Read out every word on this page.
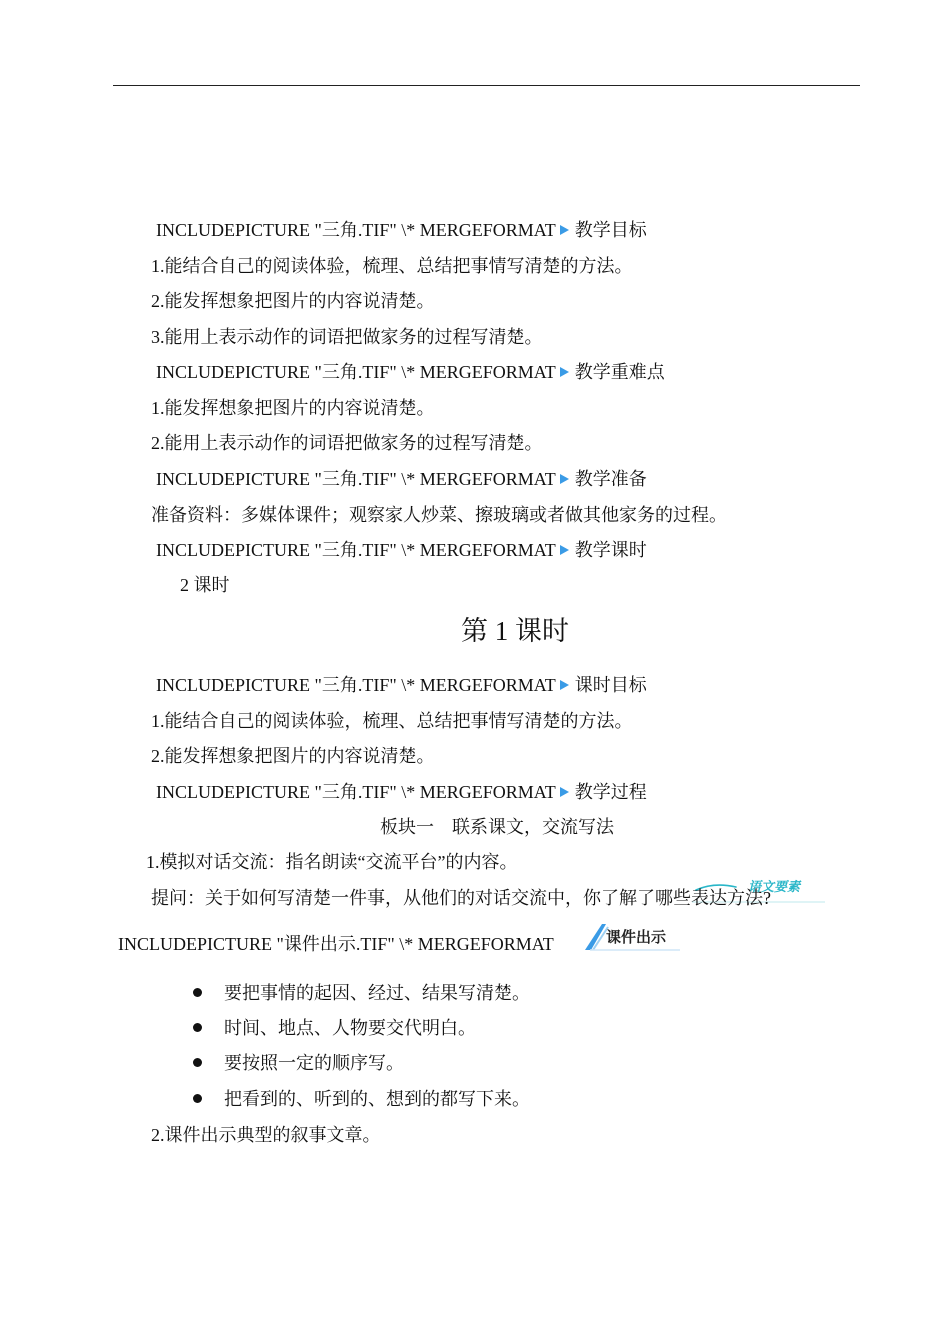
INCLUDEPICTURE "三角.TIF" \* MERGEFORMAT 教学目标
1.能结合自己的阅读体验，梳理、总结把事情写清楚的方法。
2.能发挥想象把图片的内容说清楚。
3.能用上表示动作的词语把做家务的过程写清楚。
INCLUDEPICTURE "三角.TIF" \* MERGEFORMAT 教学重难点
1.能发挥想象把图片的内容说清楚。
2.能用上表示动作的词语把做家务的过程写清楚。
INCLUDEPICTURE "三角.TIF" \* MERGEFORMAT 教学准备
准备资料：多媒体课件；观察家人炒菜、擦玻璃或者做其他家务的过程。
INCLUDEPICTURE "三角.TIF" \* MERGEFORMAT 教学课时
2 课时
第 1 课时
INCLUDEPICTURE "三角.TIF" \* MERGEFORMAT 课时目标
1.能结合自己的阅读体验，梳理、总结把事情写清楚的方法。
2.能发挥想象把图片的内容说清楚。
INCLUDEPICTURE "三角.TIF" \* MERGEFORMAT 教学过程
板块一　联系课文，交流写法
1.模拟对话交流：指名朗读“交流平台”的内容。
语文要素
提问：关于如何写清楚一件事，从他们的对话交流中，你了解了哪些表达方法?
INCLUDEPICTURE "课件出示.TIF" \* MERGEFORMAT	课件出示
要把事情的起因、经过、结果写清楚。
时间、地点、人物要交代明白。
要按照一定的顺序写。
把看到的、听到的、想到的都写下来。
2.课件出示典型的叙事文章。
